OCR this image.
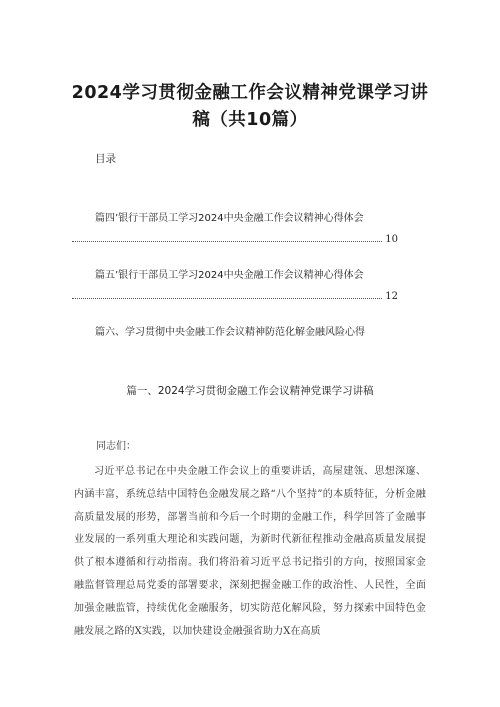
2024学习贯彻金融工作会议精神党课学习讲稿（共10篇）
目录
篇四’银行干部员工学习2024中央金融工作会议精神心得体会
10
篇五’银行干部员工学习2024中央金融工作会议精神心得体会
12
篇六、学习贯彻中央金融工作会议精神防范化解金融风险心得
篇一、2024学习贯彻金融工作会议精神党课学习讲稿
同志们：
习近平总书记在中央金融工作会议上的重要讲话，高屋建瓴、思想深邃、内涵丰富，系统总结中国特色金融发展之路“八个坚持”的本质特征，分析金融高质量发展的形势，部署当前和今后一个时期的金融工作，科学回答了金融事业发展的一系列重大理论和实践问题，为新时代新征程推动金融高质量发展提供了根本遵循和行动指南。我们将沿着习近平总书记指引的方向，按照国家金融监督管理总局党委的部署要求，深刻把握金融工作的政治性、人民性，全面加强金融监管，持续优化金融服务，切实防范化解风险，努力探索中国特色金融发展之路的X实践，以加快建设金融强省助力X在高质
